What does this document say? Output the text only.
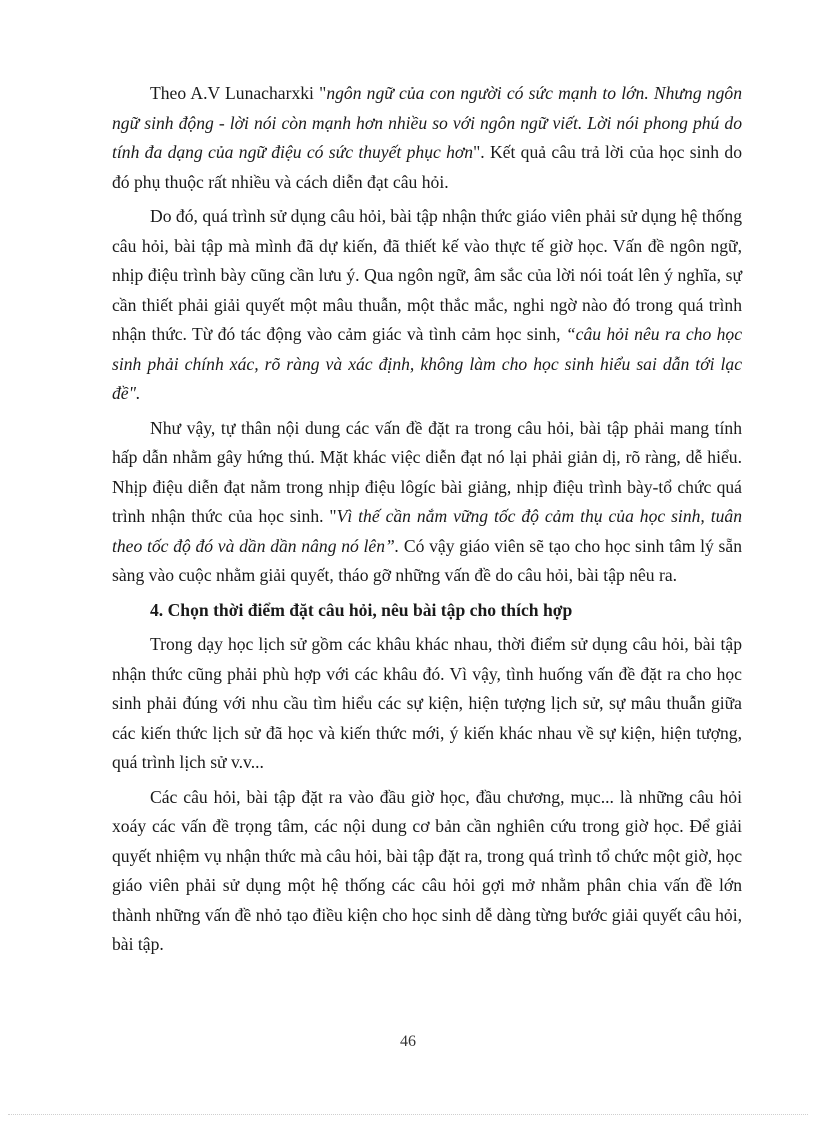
Theo A.V Lunacharxki "ngôn ngữ của con người có sức mạnh to lớn. Nhưng ngôn ngữ sinh động - lời nói còn mạnh hơn nhiều so với ngôn ngữ viết. Lời nói phong phú do tính đa dạng của ngữ điệu có sức thuyết phục hơn". Kết quả câu trả lời của học sinh do đó phụ thuộc rất nhiều và cách diễn đạt câu hỏi.

Do đó, quá trình sử dụng câu hỏi, bài tập nhận thức giáo viên phải sử dụng hệ thống câu hỏi, bài tập mà mình đã dự kiến, đã thiết kế vào thực tế giờ học. Vấn đề ngôn ngữ, nhịp điệu trình bày cũng cần lưu ý. Qua ngôn ngữ, âm sắc của lời nói toát lên ý nghĩa, sự cần thiết phải giải quyết một mâu thuẫn, một thắc mắc, nghi ngờ nào đó trong quá trình nhận thức. Từ đó tác động vào cảm giác và tình cảm học sinh, “câu hỏi nêu ra cho học sinh phải chính xác, rõ ràng và xác định, không làm cho học sinh hiểu sai dẫn tới lạc đề".

Như vậy, tự thân nội dung các vấn đề đặt ra trong câu hỏi, bài tập phải mang tính hấp dẫn nhằm gây hứng thú. Mặt khác việc diễn đạt nó lại phải giản dị, rõ ràng, dễ hiểu. Nhịp điệu diễn đạt nằm trong nhịp điệu lôgíc bài giảng, nhịp điệu trình bày-tổ chức quá trình nhận thức của học sinh. "Vì thế cần nắm vững tốc độ cảm thụ của học sinh, tuân theo tốc độ đó và dần dần nâng nó lên”. Có vậy giáo viên sẽ tạo cho học sinh tâm lý sẵn sàng vào cuộc nhằm giải quyết, tháo gỡ những vấn đề do câu hỏi, bài tập nêu ra.

4. Chọn thời điểm đặt câu hỏi, nêu bài tập cho thích hợp

Trong dạy học lịch sử gồm các khâu khác nhau, thời điểm sử dụng câu hỏi, bài tập nhận thức cũng phải phù hợp với các khâu đó. Vì vậy, tình huống vấn đề đặt ra cho học sinh phải đúng với nhu cầu tìm hiểu các sự kiện, hiện tượng lịch sử, sự mâu thuẫn giữa các kiến thức lịch sử đã học và kiến thức mới, ý kiến khác nhau về sự kiện, hiện tượng, quá trình lịch sử v.v...

Các câu hỏi, bài tập đặt ra vào đầu giờ học, đầu chương, mục... là những câu hỏi xoáy các vấn đề trọng tâm, các nội dung cơ bản cần nghiên cứu trong giờ học. Để giải quyết nhiệm vụ nhận thức mà câu hỏi, bài tập đặt ra, trong quá trình tổ chức một giờ, học giáo viên phải sử dụng một hệ thống các câu hỏi gợi mở nhằm phân chia vấn đề lớn thành những vấn đề nhỏ tạo điều kiện cho học sinh dễ dàng từng bước giải quyết câu hỏi, bài tập.

46
